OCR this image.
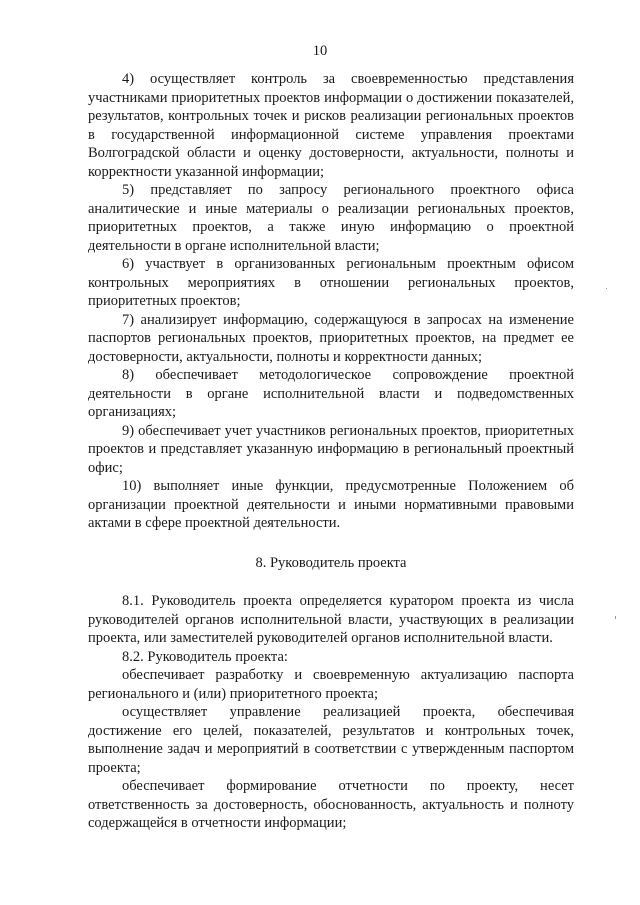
10

4) осуществляет контроль за своевременностью представления участниками приоритетных проектов информации о достижении показателей, результатов, контрольных точек и рисков реализации региональных проектов в государственной информационной системе управления проектами Волгоградской области и оценку достоверности, актуальности, полноты и корректности указанной информации;

5) представляет по запросу регионального проектного офиса аналитические и иные материалы о реализации региональных проектов, приоритетных проектов, а также иную информацию о проектной деятельности в органе исполнительной власти;

6) участвует в организованных региональным проектным офисом контрольных мероприятиях в отношении региональных проектов, приоритетных проектов;

7) анализирует информацию, содержащуюся в запросах на изменение паспортов региональных проектов, приоритетных проектов, на предмет ее достоверности, актуальности, полноты и корректности данных;

8) обеспечивает методологическое сопровождение проектной деятельности в органе исполнительной власти и подведомственных организациях;

9) обеспечивает учет участников региональных проектов, приоритетных проектов и представляет указанную информацию в региональный проектный офис;

10) выполняет иные функции, предусмотренные Положением об организации проектной деятельности и иными нормативными правовыми актами в сфере проектной деятельности.

8. Руководитель проекта

8.1. Руководитель проекта определяется куратором проекта из числа руководителей органов исполнительной власти, участвующих в реализации проекта, или заместителей руководителей органов исполнительной власти.

8.2. Руководитель проекта:

обеспечивает разработку и своевременную актуализацию паспорта регионального и (или) приоритетного проекта;

осуществляет управление реализацией проекта, обеспечивая достижение его целей, показателей, результатов и контрольных точек, выполнение задач и мероприятий в соответствии с утвержденным паспортом проекта;

обеспечивает формирование отчетности по проекту, несет ответственность за достоверность, обоснованность, актуальность и полноту содержащейся в отчетности информации;
